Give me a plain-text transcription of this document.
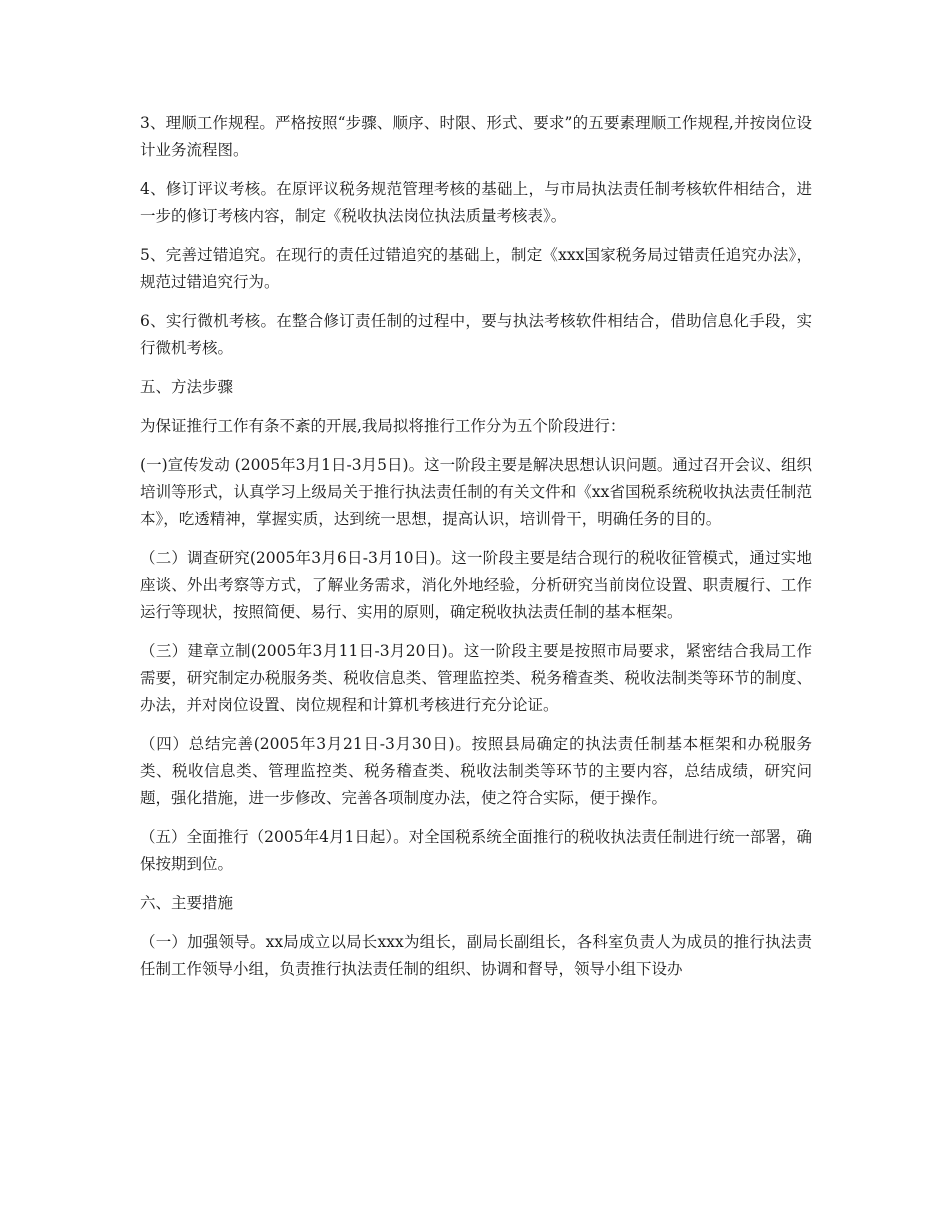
3、理顺工作规程。严格按照“步骤、顺序、时限、形式、要求”的五要素理顺工作规程,并按岗位设计业务流程图。

4、修订评议考核。在原评议税务规范管理考核的基础上，与市局执法责任制考核软件相结合，进一步的修订考核内容，制定《税收执法岗位执法质量考核表》。

5、完善过错追究。在现行的责任过错追究的基础上，制定《xxx国家税务局过错责任追究办法》，规范过错追究行为。

6、实行微机考核。在整合修订责任制的过程中，要与执法考核软件相结合，借助信息化手段，实行微机考核。

五、方法步骤

为保证推行工作有条不紊的开展,我局拟将推行工作分为五个阶段进行：

(一)宣传发动 (2005年3月1日-3月5日)。这一阶段主要是解决思想认识问题。通过召开会议、组织培训等形式，认真学习上级局关于推行执法责任制的有关文件和《xx省国税系统税收执法责任制范本》，吃透精神，掌握实质，达到统一思想，提高认识，培训骨干，明确任务的目的。

（二）调查研究(2005年3月6日-3月10日)。这一阶段主要是结合现行的税收征管模式，通过实地座谈、外出考察等方式，了解业务需求，消化外地经验，分析研究当前岗位设置、职责履行、工作运行等现状，按照简便、易行、实用的原则，确定税收执法责任制的基本框架。

（三）建章立制(2005年3月11日-3月20日)。这一阶段主要是按照市局要求，紧密结合我局工作需要，研究制定办税服务类、税收信息类、管理监控类、税务稽查类、税收法制类等环节的制度、办法，并对岗位设置、岗位规程和计算机考核进行充分论证。

（四）总结完善(2005年3月21日-3月30日)。按照县局确定的执法责任制基本框架和办税服务类、税收信息类、管理监控类、税务稽查类、税收法制类等环节的主要内容，总结成绩，研究问题，强化措施，进一步修改、完善各项制度办法，使之符合实际，便于操作。

（五）全面推行（2005年4月1日起）。对全国税系统全面推行的税收执法责任制进行统一部署，确保按期到位。

六、主要措施

（一）加强领导。xx局成立以局长xxx为组长，副局长副组长，各科室负责人为成员的推行执法责任制工作领导小组，负责推行执法责任制的组织、协调和督导，领导小组下设办
